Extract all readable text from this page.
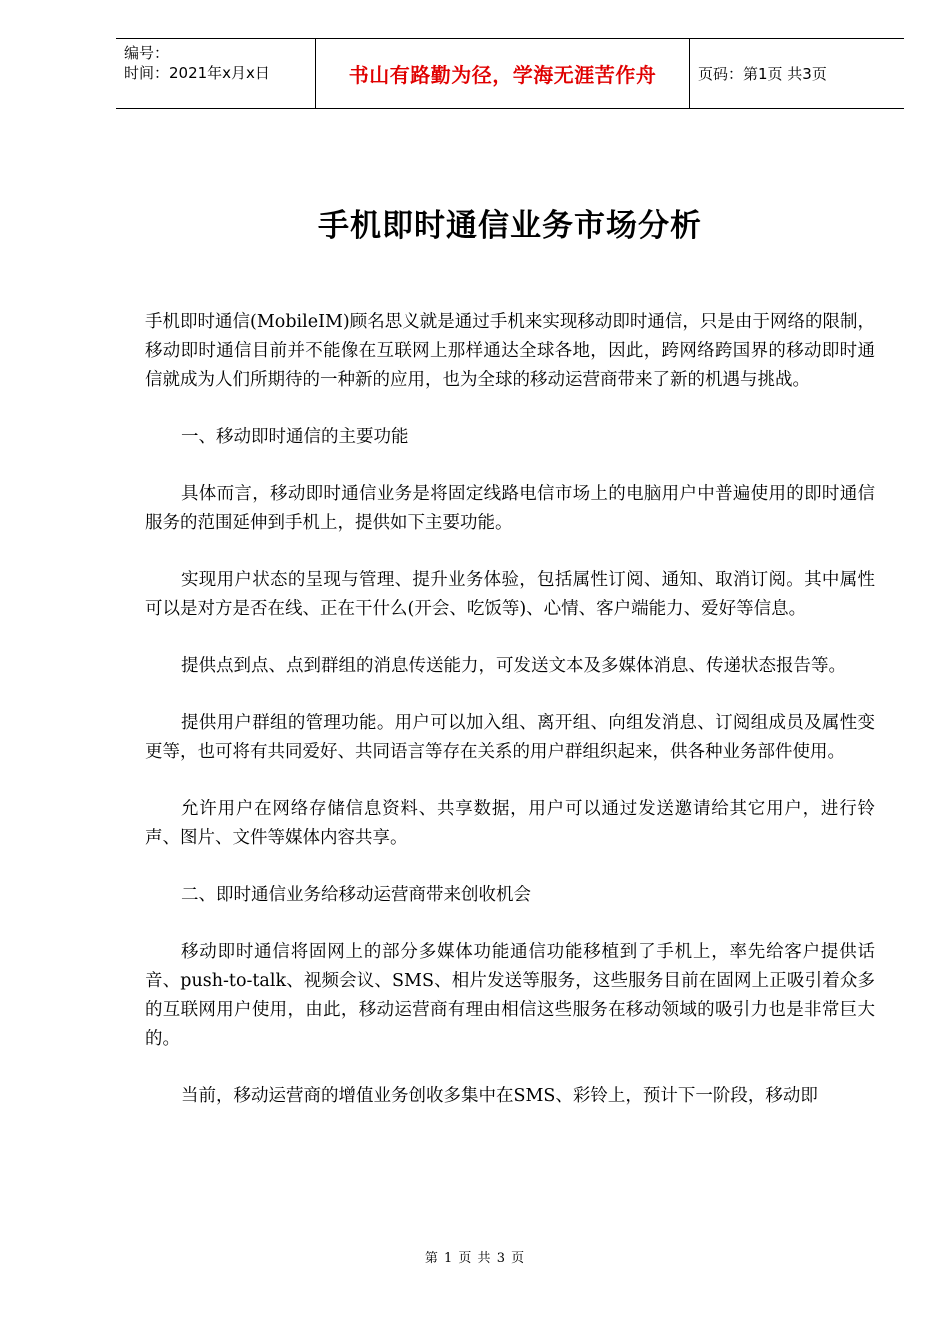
编号：
时间：2021年x月x日	书山有路勤为径，学海无涯苦作舟	页码：第1页 共3页
手机即时通信业务市场分析

手机即时通信(MobileIM)顾名思义就是通过手机来实现移动即时通信，只是由于网络的限制，移动即时通信目前并不能像在互联网上那样通达全球各地，因此，跨网络跨国界的移动即时通信就成为人们所期待的一种新的应用，也为全球的移动运营商带来了新的机遇与挑战。

一、移动即时通信的主要功能

具体而言，移动即时通信业务是将固定线路电信市场上的电脑用户中普遍使用的即时通信服务的范围延伸到手机上，提供如下主要功能。

实现用户状态的呈现与管理、提升业务体验，包括属性订阅、通知、取消订阅。其中属性可以是对方是否在线、正在干什么(开会、吃饭等)、心情、客户端能力、爱好等信息。

提供点到点、点到群组的消息传送能力，可发送文本及多媒体消息、传递状态报告等。

提供用户群组的管理功能。用户可以加入组、离开组、向组发消息、订阅组成员及属性变更等，也可将有共同爱好、共同语言等存在关系的用户群组织起来，供各种业务部件使用。

允许用户在网络存储信息资料、共享数据，用户可以通过发送邀请给其它用户，进行铃声、图片、文件等媒体内容共享。

二、即时通信业务给移动运营商带来创收机会

移动即时通信将固网上的部分多媒体功能通信功能移植到了手机上，率先给客户提供话音、push-to-talk、视频会议、SMS、相片发送等服务，这些服务目前在固网上正吸引着众多的互联网用户使用，由此，移动运营商有理由相信这些服务在移动领域的吸引力也是非常巨大的。

当前，移动运营商的增值业务创收多集中在SMS、彩铃上，预计下一阶段，移动即

第 1 页 共 3 页
